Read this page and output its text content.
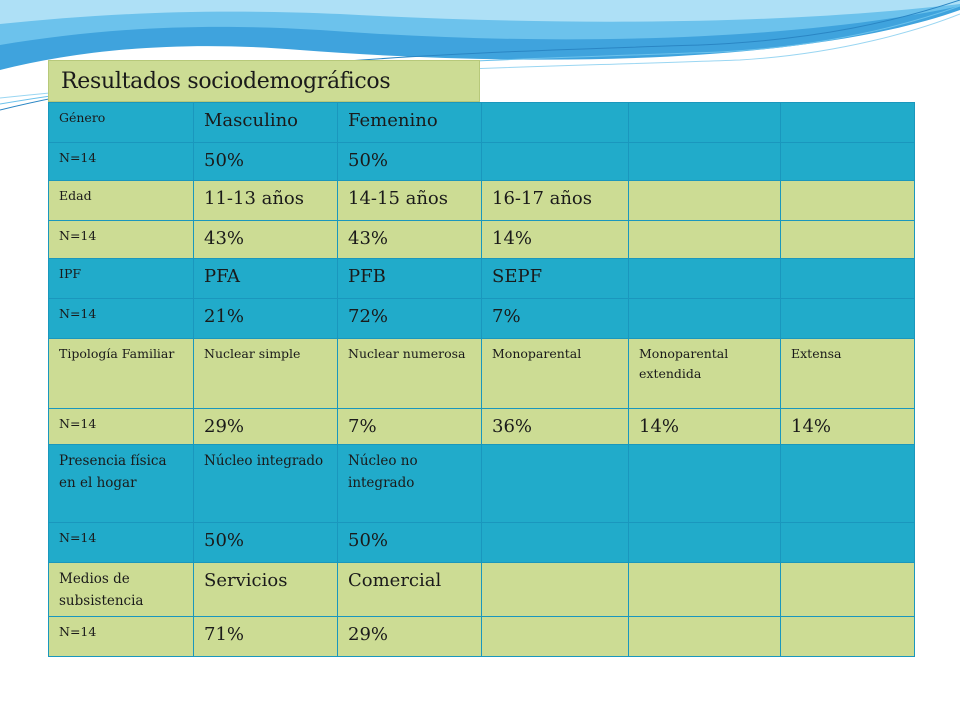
Resultados sociodemográficos
Género	Masculino	Femenino			
N=14	50%	50%			
Edad	11-13 años	14-15 años	16-17 años		
N=14	43%	43%	14%		
IPF	PFA	PFB	SEPF		
N=14	21%	72%	7%		
Tipología Familiar	Nuclear simple	Nuclear numerosa	Monoparental	Monoparental extendida	Extensa
N=14	29%	7%	36%	14%	14%
Presencia física en el hogar	Núcleo integrado	Núcleo no integrado			
N=14	50%	50%			
Medios de subsistencia	Servicios	Comercial			
N=14	71%	29%			
